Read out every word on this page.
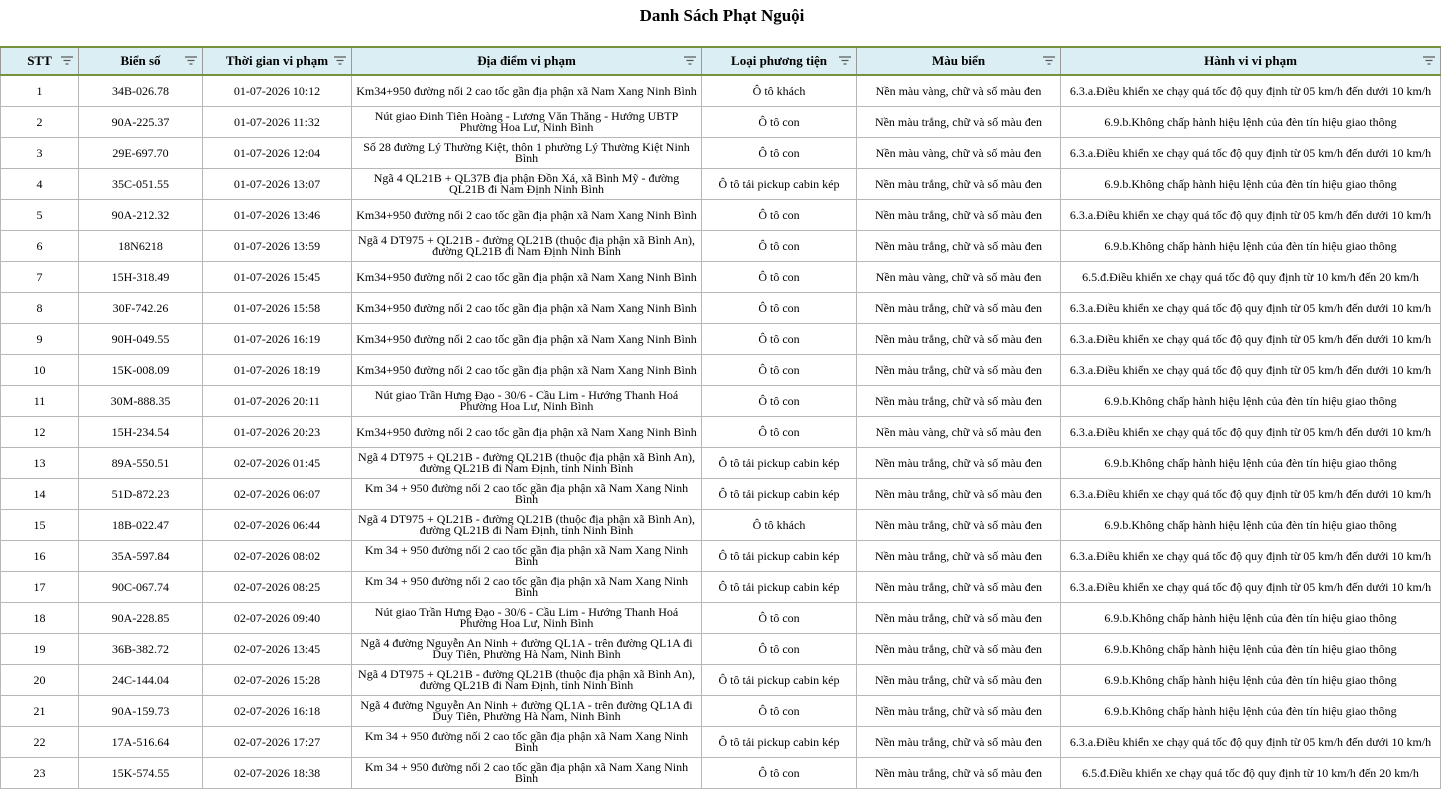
Danh Sách Phạt Nguội
STT	Biển số	Thời gian vi phạm	Địa điểm vi phạm	Loại phương tiện	Màu biển	Hành vi vi phạm

1	34B-026.78	01-07-2026 10:12	Km34+950 đường nối 2 cao tốc gần địa phận xã Nam Xang Ninh Bình	Ô tô khách	Nền màu vàng, chữ và số màu đen	6.3.a.Điều khiển xe chạy quá tốc độ quy định từ 05 km/h đến dưới 10 km/h
2	90A-225.37	01-07-2026 11:32	Nút giao Đinh Tiên Hoàng - Lương Văn Thăng - Hướng UBTP Phường Hoa Lư, Ninh Bình	Ô tô con	Nền màu trắng, chữ và số màu đen	6.9.b.Không chấp hành hiệu lệnh của đèn tín hiệu giao thông
3	29E-697.70	01-07-2026 12:04	Số 28 đường Lý Thường Kiệt, thôn 1 phường Lý Thường Kiệt Ninh Bình	Ô tô con	Nền màu vàng, chữ và số màu đen	6.3.a.Điều khiển xe chạy quá tốc độ quy định từ 05 km/h đến dưới 10 km/h
4	35C-051.55	01-07-2026 13:07	Ngã 4 QL21B + QL37B địa phận Đồn Xá, xã Bình Mỹ - đường QL21B đi Nam Định Ninh Bình	Ô tô tải pickup cabin kép	Nền màu trắng, chữ và số màu đen	6.9.b.Không chấp hành hiệu lệnh của đèn tín hiệu giao thông
5	90A-212.32	01-07-2026 13:46	Km34+950 đường nối 2 cao tốc gần địa phận xã Nam Xang Ninh Bình	Ô tô con	Nền màu trắng, chữ và số màu đen	6.3.a.Điều khiển xe chạy quá tốc độ quy định từ 05 km/h đến dưới 10 km/h
6	18N6218	01-07-2026 13:59	Ngã 4 DT975 + QL21B - đường QL21B (thuộc địa phận xã Bình An), đường QL21B đi Nam Định Ninh Bình	Ô tô con	Nền màu trắng, chữ và số màu đen	6.9.b.Không chấp hành hiệu lệnh của đèn tín hiệu giao thông
7	15H-318.49	01-07-2026 15:45	Km34+950 đường nối 2 cao tốc gần địa phận xã Nam Xang Ninh Bình	Ô tô con	Nền màu vàng, chữ và số màu đen	6.5.đ.Điều khiển xe chạy quá tốc độ quy định từ 10 km/h đến 20 km/h
8	30F-742.26	01-07-2026 15:58	Km34+950 đường nối 2 cao tốc gần địa phận xã Nam Xang Ninh Bình	Ô tô con	Nền màu trắng, chữ và số màu đen	6.3.a.Điều khiển xe chạy quá tốc độ quy định từ 05 km/h đến dưới 10 km/h
9	90H-049.55	01-07-2026 16:19	Km34+950 đường nối 2 cao tốc gần địa phận xã Nam Xang Ninh Bình	Ô tô con	Nền màu trắng, chữ và số màu đen	6.3.a.Điều khiển xe chạy quá tốc độ quy định từ 05 km/h đến dưới 10 km/h
10	15K-008.09	01-07-2026 18:19	Km34+950 đường nối 2 cao tốc gần địa phận xã Nam Xang Ninh Bình	Ô tô con	Nền màu trắng, chữ và số màu đen	6.3.a.Điều khiển xe chạy quá tốc độ quy định từ 05 km/h đến dưới 10 km/h
11	30M-888.35	01-07-2026 20:11	Nút giao Trần Hưng Đạo - 30/6 - Cầu Lim - Hướng Thanh Hoá Phường Hoa Lư, Ninh Bình	Ô tô con	Nền màu trắng, chữ và số màu đen	6.9.b.Không chấp hành hiệu lệnh của đèn tín hiệu giao thông
12	15H-234.54	01-07-2026 20:23	Km34+950 đường nối 2 cao tốc gần địa phận xã Nam Xang Ninh Bình	Ô tô con	Nền màu vàng, chữ và số màu đen	6.3.a.Điều khiển xe chạy quá tốc độ quy định từ 05 km/h đến dưới 10 km/h
13	89A-550.51	02-07-2026 01:45	Ngã 4 DT975 + QL21B - đường QL21B (thuộc địa phận xã Bình An), đường QL21B đi Nam Định, tỉnh Ninh Bình	Ô tô tải pickup cabin kép	Nền màu trắng, chữ và số màu đen	6.9.b.Không chấp hành hiệu lệnh của đèn tín hiệu giao thông
14	51D-872.23	02-07-2026 06:07	Km 34 + 950 đường nối 2 cao tốc gần địa phận xã Nam Xang Ninh Bình	Ô tô tải pickup cabin kép	Nền màu trắng, chữ và số màu đen	6.3.a.Điều khiển xe chạy quá tốc độ quy định từ 05 km/h đến dưới 10 km/h
15	18B-022.47	02-07-2026 06:44	Ngã 4 DT975 + QL21B - đường QL21B (thuộc địa phận xã Bình An), đường QL21B đi Nam Định, tỉnh Ninh Bình	Ô tô khách	Nền màu trắng, chữ và số màu đen	6.9.b.Không chấp hành hiệu lệnh của đèn tín hiệu giao thông
16	35A-597.84	02-07-2026 08:02	Km 34 + 950 đường nối 2 cao tốc gần địa phận xã Nam Xang Ninh Bình	Ô tô tải pickup cabin kép	Nền màu trắng, chữ và số màu đen	6.3.a.Điều khiển xe chạy quá tốc độ quy định từ 05 km/h đến dưới 10 km/h
17	90C-067.74	02-07-2026 08:25	Km 34 + 950 đường nối 2 cao tốc gần địa phận xã Nam Xang Ninh Bình	Ô tô tải pickup cabin kép	Nền màu trắng, chữ và số màu đen	6.3.a.Điều khiển xe chạy quá tốc độ quy định từ 05 km/h đến dưới 10 km/h
18	90A-228.85	02-07-2026 09:40	Nút giao Trần Hưng Đạo - 30/6 - Cầu Lim - Hướng Thanh Hoá Phường Hoa Lư, Ninh Bình	Ô tô con	Nền màu trắng, chữ và số màu đen	6.9.b.Không chấp hành hiệu lệnh của đèn tín hiệu giao thông
19	36B-382.72	02-07-2026 13:45	Ngã 4 đường Nguyễn An Ninh + đường QL1A - trên đường QL1A đi Duy Tiên, Phường Hà Nam, Ninh Bình	Ô tô con	Nền màu trắng, chữ và số màu đen	6.9.b.Không chấp hành hiệu lệnh của đèn tín hiệu giao thông
20	24C-144.04	02-07-2026 15:28	Ngã 4 DT975 + QL21B - đường QL21B (thuộc địa phận xã Bình An), đường QL21B đi Nam Định, tỉnh Ninh Bình	Ô tô tải pickup cabin kép	Nền màu trắng, chữ và số màu đen	6.9.b.Không chấp hành hiệu lệnh của đèn tín hiệu giao thông
21	90A-159.73	02-07-2026 16:18	Ngã 4 đường Nguyễn An Ninh + đường QL1A - trên đường QL1A đi Duy Tiên, Phường Hà Nam, Ninh Bình	Ô tô con	Nền màu trắng, chữ và số màu đen	6.9.b.Không chấp hành hiệu lệnh của đèn tín hiệu giao thông
22	17A-516.64	02-07-2026 17:27	Km 34 + 950 đường nối 2 cao tốc gần địa phận xã Nam Xang Ninh Bình	Ô tô tải pickup cabin kép	Nền màu trắng, chữ và số màu đen	6.3.a.Điều khiển xe chạy quá tốc độ quy định từ 05 km/h đến dưới 10 km/h
23	15K-574.55	02-07-2026 18:38	Km 34 + 950 đường nối 2 cao tốc gần địa phận xã Nam Xang Ninh Bình	Ô tô con	Nền màu trắng, chữ và số màu đen	6.5.đ.Điều khiển xe chạy quá tốc độ quy định từ 10 km/h đến 20 km/h
